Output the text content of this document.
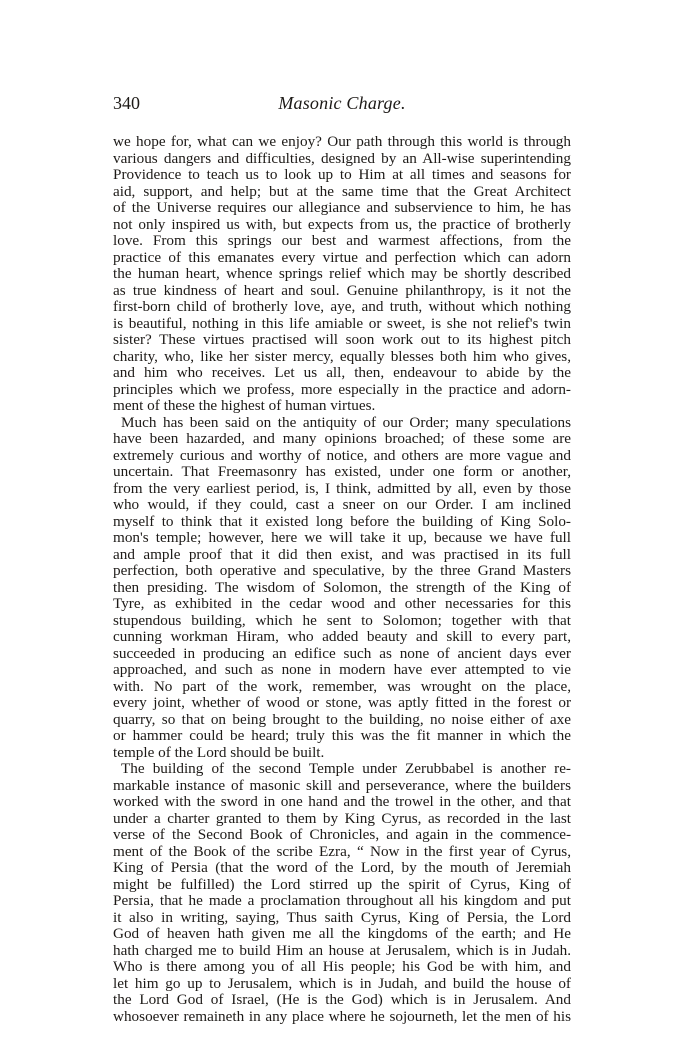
340	Masonic Charge.
we hope for, what can we enjoy? Our path through this world is through
various dangers and difficulties, designed by an All-wise superintending
Providence to teach us to look up to Him at all times and seasons for
aid, support, and help; but at the same time that the Great Architect
of the Universe requires our allegiance and subservience to him, he has
not only inspired us with, but expects from us, the practice of brotherly
love. From this springs our best and warmest affections, from the
practice of this emanates every virtue and perfection which can adorn
the human heart, whence springs relief which may be shortly described
as true kindness of heart and soul. Genuine philanthropy, is it not the
first-born child of brotherly love, aye, and truth, without which nothing
is beautiful, nothing in this life amiable or sweet, is she not relief's twin
sister? These virtues practised will soon work out to its highest pitch
charity, who, like her sister mercy, equally blesses both him who gives,
and him who receives. Let us all, then, endeavour to abide by the
principles which we profess, more especially in the practice and adorn-
ment of these the highest of human virtues.
Much has been said on the antiquity of our Order; many speculations
have been hazarded, and many opinions broached; of these some are
extremely curious and worthy of notice, and others are more vague and
uncertain. That Freemasonry has existed, under one form or another,
from the very earliest period, is, I think, admitted by all, even by those
who would, if they could, cast a sneer on our Order. I am inclined
myself to think that it existed long before the building of King Solo-
mon's temple; however, here we will take it up, because we have full
and ample proof that it did then exist, and was practised in its full
perfection, both operative and speculative, by the three Grand Masters
then presiding. The wisdom of Solomon, the strength of the King of
Tyre, as exhibited in the cedar wood and other necessaries for this
stupendous building, which he sent to Solomon; together with that
cunning workman Hiram, who added beauty and skill to every part,
succeeded in producing an edifice such as none of ancient days ever
approached, and such as none in modern have ever attempted to vie
with. No part of the work, remember, was wrought on the place,
every joint, whether of wood or stone, was aptly fitted in the forest or
quarry, so that on being brought to the building, no noise either of axe
or hammer could be heard; truly this was the fit manner in which the
temple of the Lord should be built.
The building of the second Temple under Zerubbabel is another re-
markable instance of masonic skill and perseverance, where the builders
worked with the sword in one hand and the trowel in the other, and that
under a charter granted to them by King Cyrus, as recorded in the last
verse of the Second Book of Chronicles, and again in the commence-
ment of the Book of the scribe Ezra, “ Now in the first year of Cyrus,
King of Persia (that the word of the Lord, by the mouth of Jeremiah
might be fulfilled) the Lord stirred up the spirit of Cyrus, King of
Persia, that he made a proclamation throughout all his kingdom and put
it also in writing, saying, Thus saith Cyrus, King of Persia, the Lord
God of heaven hath given me all the kingdoms of the earth; and He
hath charged me to build Him an house at Jerusalem, which is in Judah.
Who is there among you of all His people; his God be with him, and
let him go up to Jerusalem, which is in Judah, and build the house of
the Lord God of Israel, (He is the God) which is in Jerusalem. And
whosoever remaineth in any place where he sojourneth, let the men of his
